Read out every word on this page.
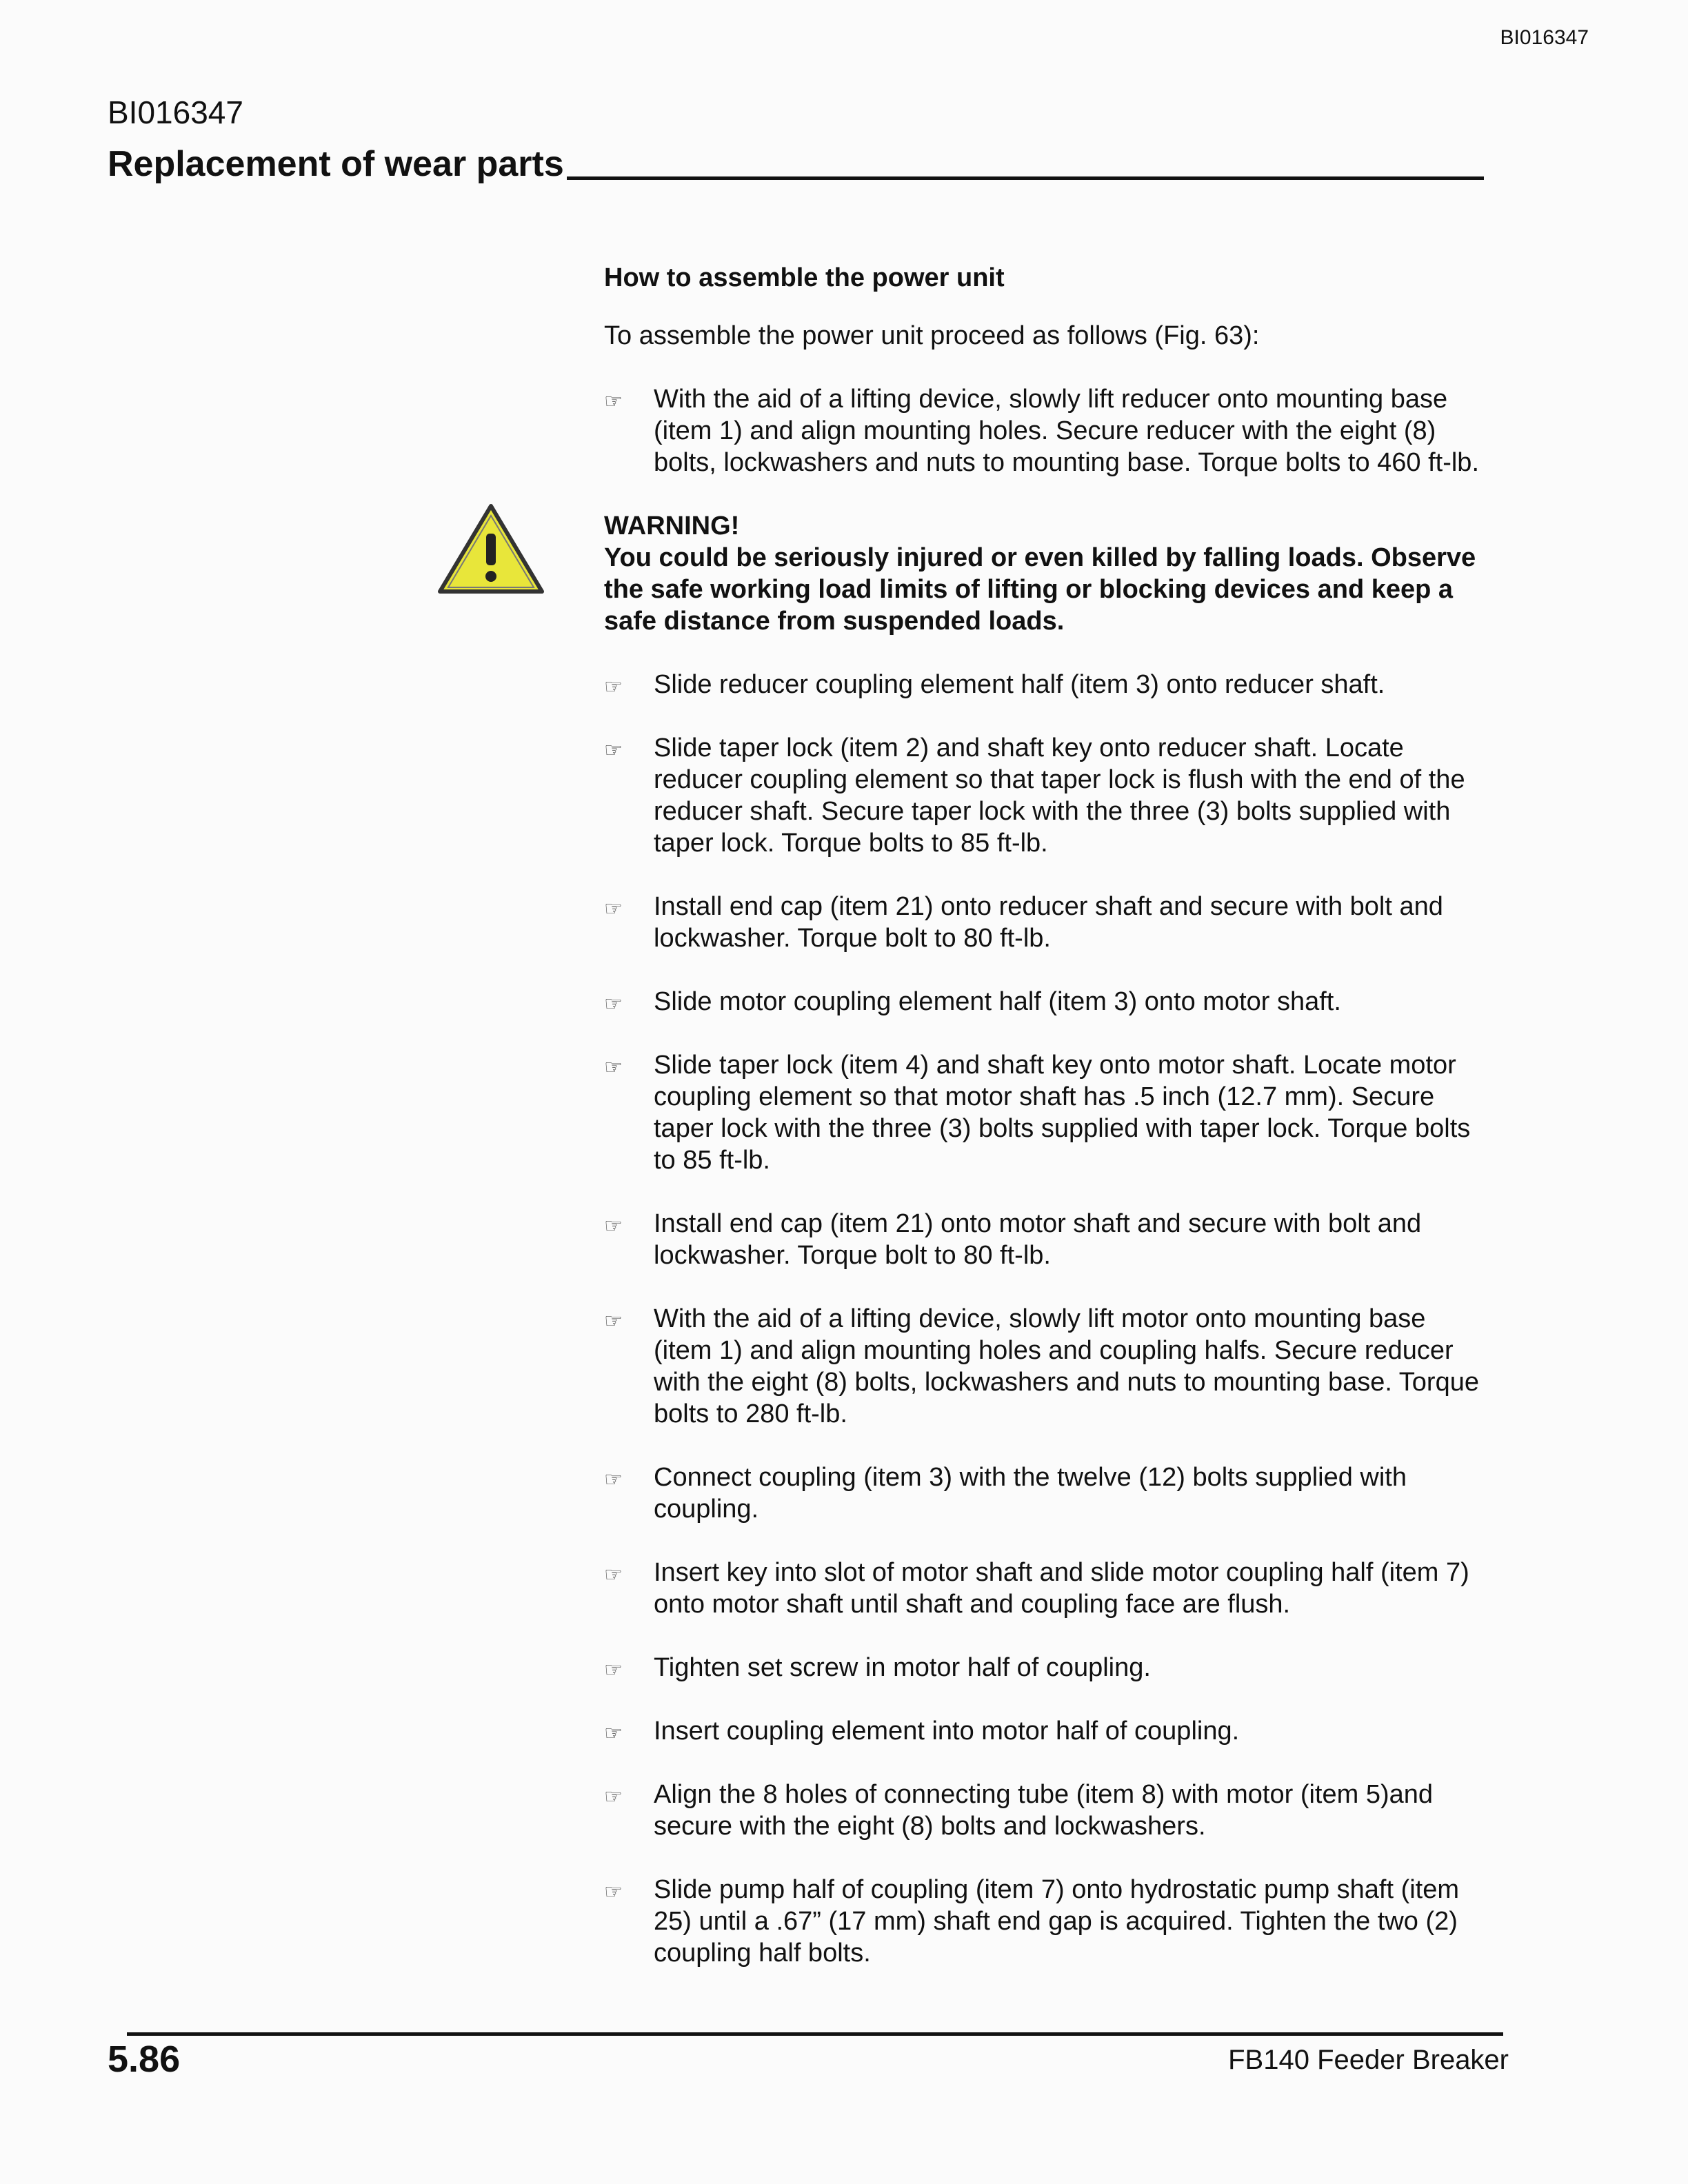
BI016347
BI016347
Replacement of wear parts
How to assemble the power unit
To assemble the power unit proceed as follows (Fig. 63):
☞ With the aid of a lifting device, slowly lift reducer onto mounting base (item 1) and align mounting holes. Secure reducer with the eight (8) bolts, lockwashers and nuts to mounting base. Torque bolts to 460 ft-lb.
WARNING!
You could be seriously injured or even killed by falling loads. Observe the safe working load limits of lifting or blocking devices and keep a safe distance from suspended loads.
☞ Slide reducer coupling element half (item 3) onto reducer shaft.
☞ Slide taper lock (item 2) and shaft key onto reducer shaft. Locate reducer coupling element so that taper lock is flush with the end of the reducer shaft. Secure taper lock with the three (3) bolts supplied with taper lock. Torque bolts to 85 ft-lb.
☞ Install end cap (item 21) onto reducer shaft and secure with bolt and lockwasher. Torque bolt to 80 ft-lb.
☞ Slide motor coupling element half (item 3) onto motor shaft.
☞ Slide taper lock (item 4) and shaft key onto motor shaft. Locate motor coupling element so that motor shaft has .5 inch (12.7 mm). Secure taper lock with the three (3) bolts supplied with taper lock. Torque bolts to 85 ft-lb.
☞ Install end cap (item 21) onto motor shaft and secure with bolt and lockwasher. Torque bolt to 80 ft-lb.
☞ With the aid of a lifting device, slowly lift motor onto mounting base (item 1) and align mounting holes and coupling halfs. Secure reducer with the eight (8) bolts, lockwashers and nuts to mounting base. Torque bolts to 280 ft-lb.
☞ Connect coupling (item 3) with the twelve (12) bolts supplied with coupling.
☞ Insert key into slot of motor shaft and slide motor coupling half (item 7) onto motor shaft until shaft and coupling face are flush.
☞ Tighten set screw in motor half of coupling.
☞ Insert coupling element into motor half of coupling.
☞ Align the 8 holes of connecting tube (item 8) with motor (item 5)and secure with the eight (8) bolts and lockwashers.
☞ Slide pump half of coupling (item 7) onto hydrostatic pump shaft (item 25) until a .67” (17 mm) shaft end gap is acquired. Tighten the two (2) coupling half bolts.
5.86	FB140 Feeder Breaker
